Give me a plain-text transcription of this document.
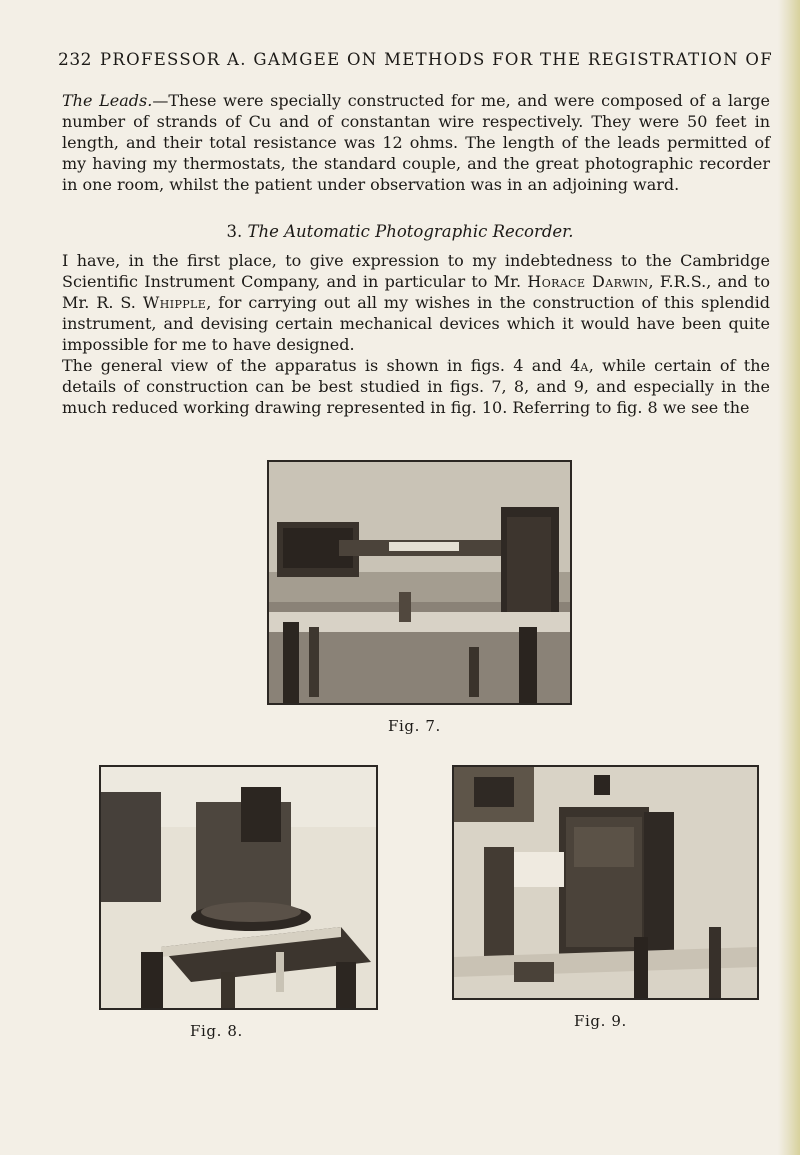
232 PROFESSOR A. GAMGEE ON METHODS FOR THE REGISTRATION OF
The Leads.—These were specially constructed for me, and were composed of a large number of strands of Cu and of constantan wire respectively. They were 50 feet in length, and their total resistance was 12 ohms. The length of the leads permitted of my having my thermostats, the standard couple, and the great photographic recorder in one room, whilst the patient under observation was in an adjoining ward.
3. The Automatic Photographic Recorder.
I have, in the first place, to give expression to my indebtedness to the Cambridge Scientific Instrument Company, and in particular to Mr. Horace Darwin, F.R.S., and to Mr. R. S. Whipple, for carrying out all my wishes in the construction of this splendid instrument, and devising certain mechanical devices which it would have been quite impossible for me to have designed.
The general view of the apparatus is shown in figs. 4 and 4a, while certain of the details of construction can be best studied in figs. 7, 8, and 9, and especially in the much reduced working drawing represented in fig. 10. Referring to fig. 8 we see the
Fig. 7.
Fig. 8.
Fig. 9.
